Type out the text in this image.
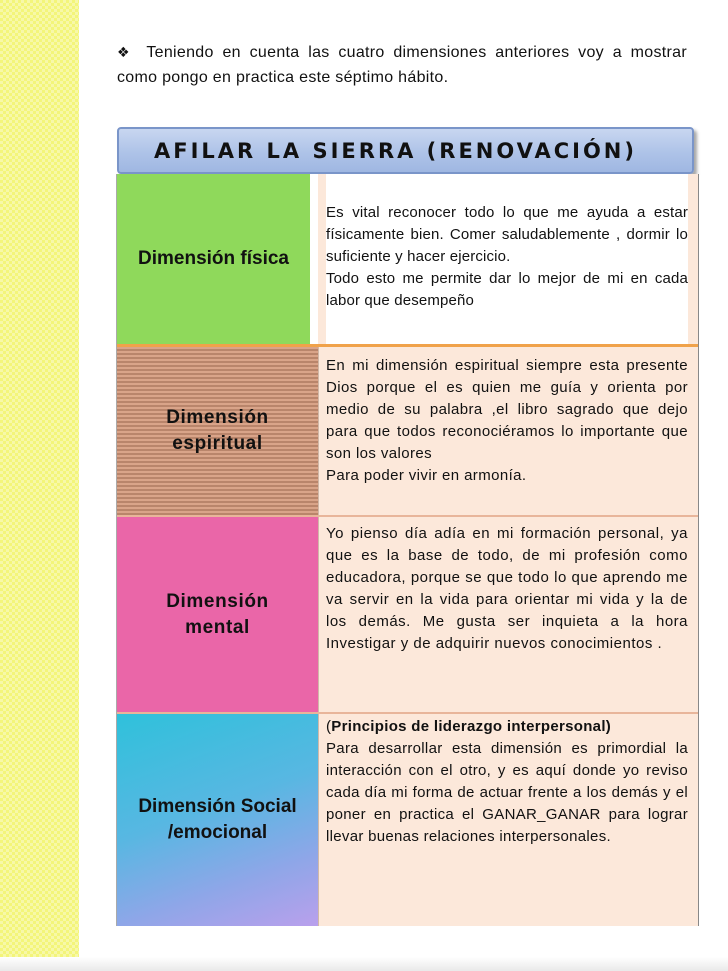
❖ Teniendo en cuenta las cuatro dimensiones anteriores voy a mostrar como pongo en practica este séptimo hábito.
AFILAR LA SIERRA (RENOVACIÓN)
Dimensión física

Es vital reconocer todo lo que me ayuda a estar físicamente bien. Comer saludablemente , dormir lo suficiente y hacer ejercicio.

Todo esto me permite dar lo mejor de mi en cada labor que desempeño

Dimensión espiritual

En mi dimensión espiritual siempre esta presente Dios porque el es quien me guía y orienta por medio de su palabra ,el libro sagrado que dejo para que todos reconociéramos lo importante que son los valores

Para poder vivir en armonía.

Dimensión mental

Yo pienso día adía en mi formación personal, ya que es la base de todo, de mi profesión como educadora, porque se que todo lo que aprendo me va servir en la vida para orientar mi vida y la de los demás. Me gusta ser inquieta a la hora Investigar y de adquirir nuevos conocimientos .

Dimensión Social /emocional

(Principios de liderazgo interpersonal)

Para desarrollar esta dimensión es primordial la interacción con el otro, y es aquí donde yo reviso cada día mi forma de actuar frente a los demás y el poner en practica el GANAR_GANAR para lograr llevar buenas relaciones interpersonales.
